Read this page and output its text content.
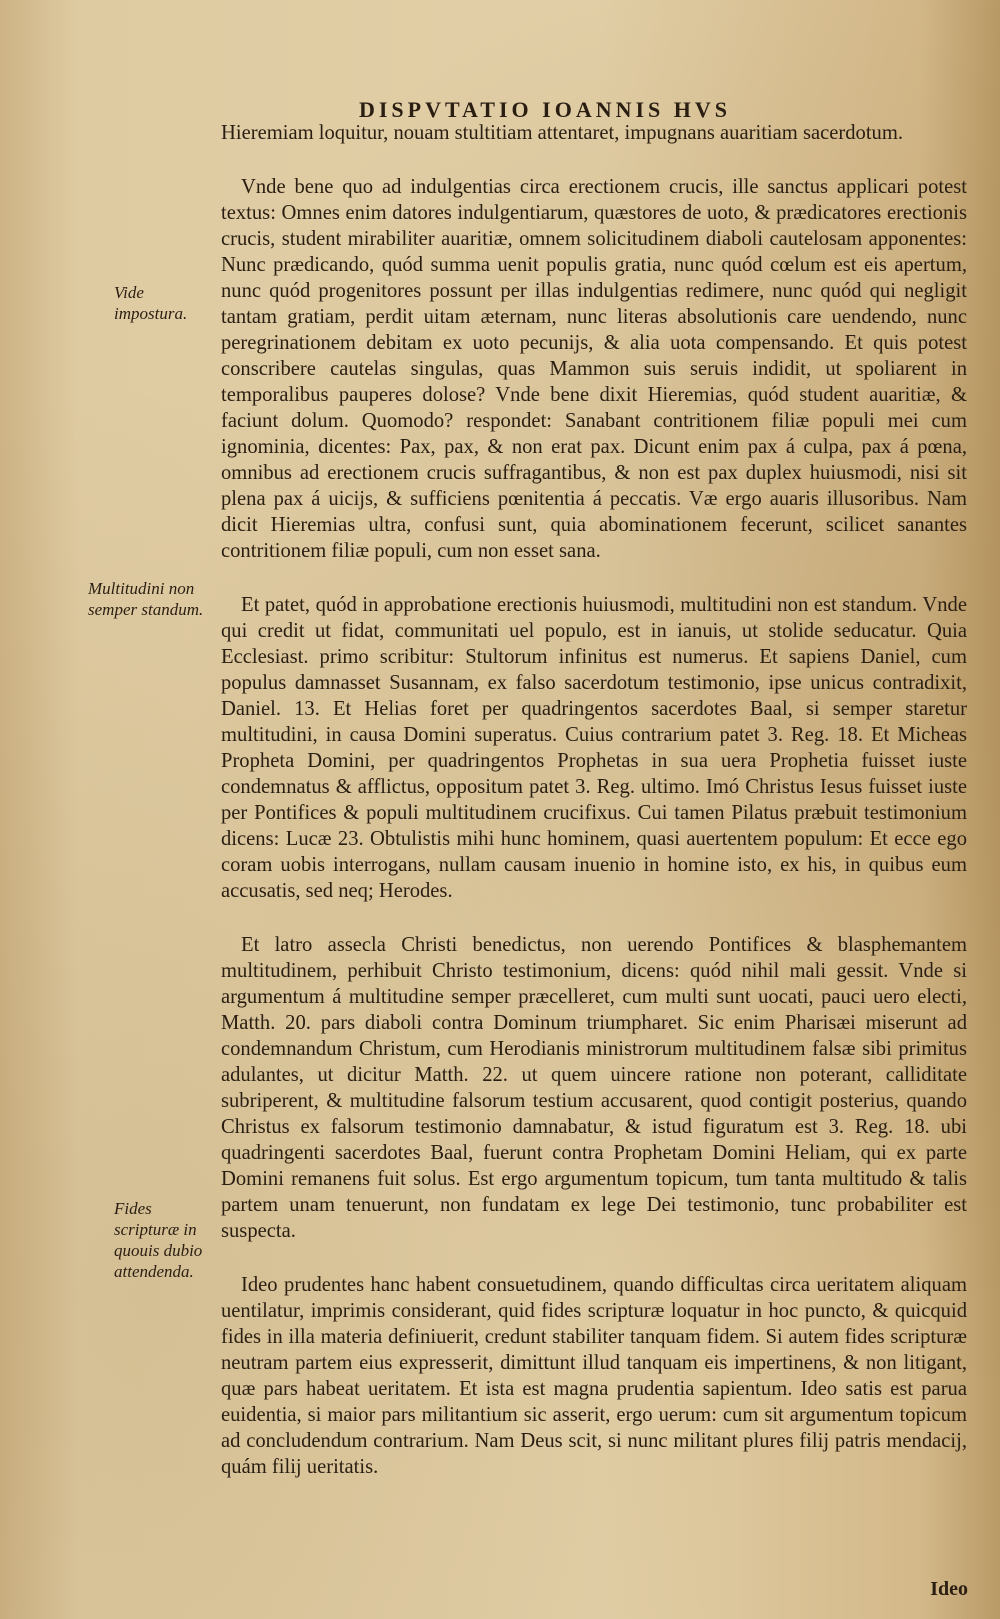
DISPVTATIO IOANNIS HVS

Hieremiam loquitur, nouam stultitiam attentaret, impugnans auaritiam sacerdotum.

Vnde bene quo ad indulgentias circa erectionem crucis, ille sanctus applicari potest textus: Omnes enim datores indulgentiarum, quæstores de uoto, & prædicatores erectionis crucis, student mirabiliter auaritiæ, omnem solicitudinem diaboli cautelosam apponentes: Nunc prædicando, quód summa uenit populis gratia, nunc quód cœlum est eis apertum, nunc quód progenitores possunt per illas indulgentias redimere, nunc quód qui negligit tantam gratiam, perdit uitam æternam, nunc literas absolutionis care uendendo, nunc peregrinationem debitam ex uoto pecunijs, & alia uota compensando. Et quis potest conscribere cautelas singulas, quas Mammon suis seruis indidit, ut spoliarent in temporalibus pauperes dolose? Vnde bene dixit Hieremias, quód student auaritiæ, & faciunt dolum. Quomodo? respondet: Sanabant contritionem filiæ populi mei cum ignominia, dicentes: Pax, pax, & non erat pax. Dicunt enim pax á culpa, pax á pœna, omnibus ad erectionem crucis suffragantibus, & non est pax duplex huiusmodi, nisi sit plena pax á uicijs, & sufficiens pœnitentia á peccatis. Væ ergo auaris illusoribus. Nam dicit Hieremias ultra, confusi sunt, quia abominationem fecerunt, scilicet sanantes contritionem filiæ populi, cum non esset sana.

Et patet, quód in approbatione erectionis huiusmodi, multitudini non est standum. Vnde qui credit ut fidat, communitati uel populo, est in ianuis, ut stolide seducatur. Quia Ecclesiast. primo scribitur: Stultorum infinitus est numerus. Et sapiens Daniel, cum populus damnasset Susannam, ex falso sacerdotum testimonio, ipse unicus contradixit, Daniel. 13. Et Helias foret per quadringentos sacerdotes Baal, si semper staretur multitudini, in causa Domini superatus. Cuius contrarium patet 3. Reg. 18. Et Micheas Propheta Domini, per quadringentos Prophetas in sua uera Prophetia fuisset iuste condemnatus & afflictus, oppositum patet 3. Reg. ultimo. Imó Christus Iesus fuisset iuste per Pontifices & populi multitudinem crucifixus. Cui tamen Pilatus præbuit testimonium dicens: Lucæ 23. Obtulistis mihi hunc hominem, quasi auertentem populum: Et ecce ego coram uobis interrogans, nullam causam inuenio in homine isto, ex his, in quibus eum accusatis, sed neq; Herodes.

Et latro assecla Christi benedictus, non uerendo Pontifices & blasphemantem multitudinem, perhibuit Christo testimonium, dicens: quód nihil mali gessit. Vnde si argumentum á multitudine semper præcelleret, cum multi sunt uocati, pauci uero electi, Matth. 20. pars diaboli contra Dominum triumpharet. Sic enim Pharisæi miserunt ad condemnandum Christum, cum Herodianis ministrorum multitudinem falsæ sibi primitus adulantes, ut dicitur Matth. 22. ut quem uincere ratione non poterant, calliditate subriperent, & multitudine falsorum testium accusarent, quod contigit posterius, quando Christus ex falsorum testimonio damnabatur, & istud figuratum est 3. Reg. 18. ubi quadringenti sacerdotes Baal, fuerunt contra Prophetam Domini Heliam, qui ex parte Domini remanens fuit solus. Est ergo argumentum topicum, tum tanta multitudo & talis partem unam tenuerunt, non fundatam ex lege Dei testimonio, tunc probabiliter est suspecta.

Ideo prudentes hanc habent consuetudinem, quando difficultas circa ueritatem aliquam uentilatur, imprimis considerant, quid fides scripturæ loquatur in hoc puncto, & quicquid fides in illa materia definiuerit, credunt stabiliter tanquam fidem. Si autem fides scripturæ neutram partem eius expresserit, dimittunt illud tanquam eis impertinens, & non litigant, quæ pars habeat ueritatem. Et ista est magna prudentia sapientum. Ideo satis est parua euidentia, si maior pars militantium sic asserit, ergo uerum: cum sit argumentum topicum ad concludendum contrarium. Nam Deus scit, si nunc militant plures filij patris mendacij, quám filij ueritatis.

Vide impostura.
Multitudini non semper standum.
Fides scripturæ in quouis dubio attendenda.
Ideo
